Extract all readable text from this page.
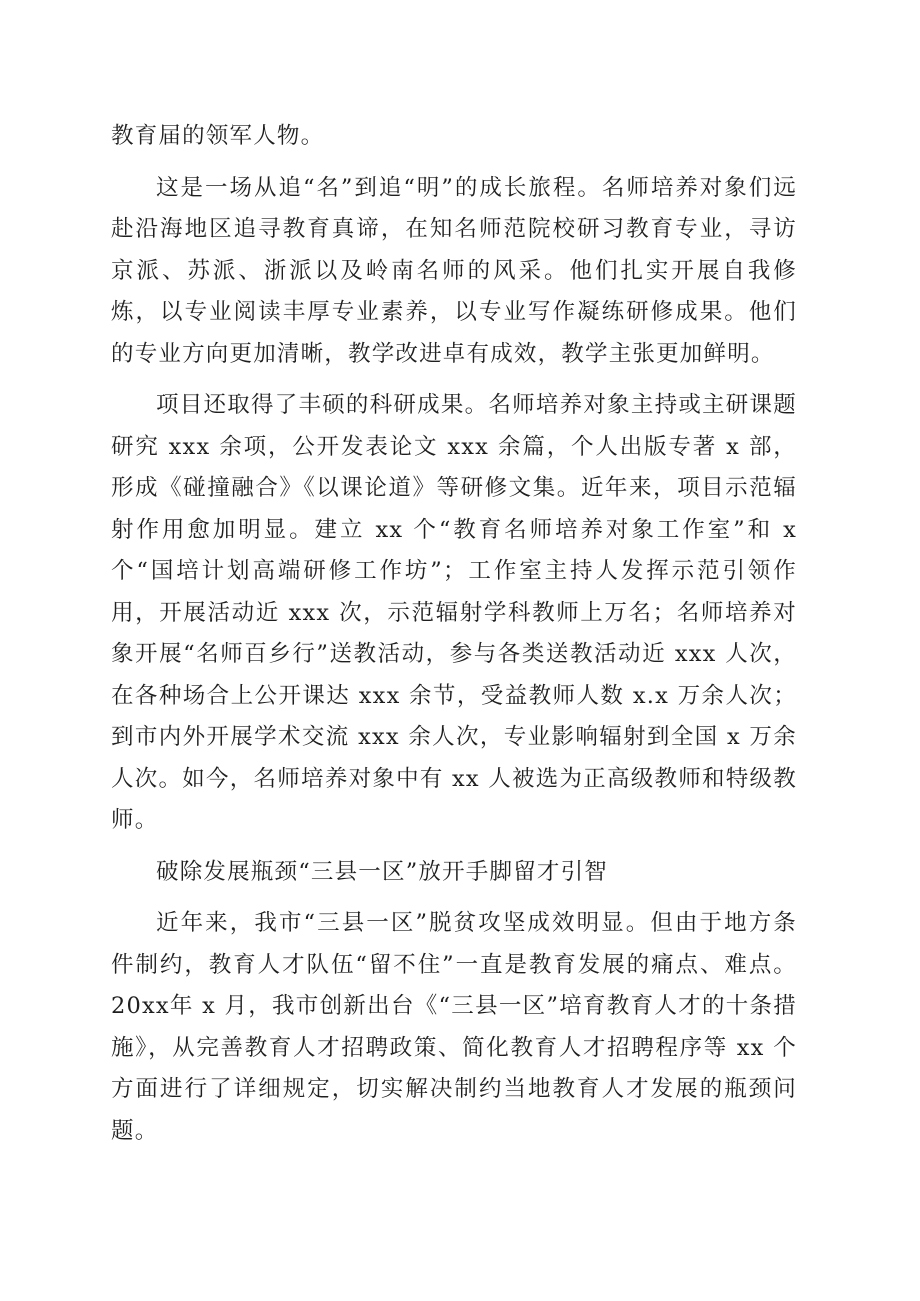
教育届的领军人物。

这是一场从追“名”到追“明”的成长旅程。名师培养对象们远赴沿海地区追寻教育真谛，在知名师范院校研习教育专业，寻访京派、苏派、浙派以及岭南名师的风采。他们扎实开展自我修炼，以专业阅读丰厚专业素养，以专业写作凝练研修成果。他们的专业方向更加清晰，教学改进卓有成效，教学主张更加鲜明。

项目还取得了丰硕的科研成果。名师培养对象主持或主研课题研究 xxx 余项，公开发表论文 xxx 余篇，个人出版专著 x 部，形成《碰撞融合》《以课论道》等研修文集。近年来，项目示范辐射作用愈加明显。建立 xx 个“教育名师培养对象工作室”和 x 个“国培计划高端研修工作坊”；工作室主持人发挥示范引领作用，开展活动近 xxx 次，示范辐射学科教师上万名；名师培养对象开展“名师百乡行”送教活动，参与各类送教活动近 xxx 人次，在各种场合上公开课达 xxx 余节，受益教师人数 x.x 万余人次；到市内外开展学术交流 xxx 余人次，专业影响辐射到全国 x 万余人次。如今，名师培养对象中有 xx 人被选为正高级教师和特级教师。

破除发展瓶颈“三县一区”放开手脚留才引智

近年来，我市“三县一区”脱贫攻坚成效明显。但由于地方条件制约，教育人才队伍“留不住”一直是教育发展的痛点、难点。20xx年 x 月，我市创新出台《“三县一区”培育教育人才的十条措施》，从完善教育人才招聘政策、简化教育人才招聘程序等 xx 个方面进行了详细规定，切实解决制约当地教育人才发展的瓶颈问题。
